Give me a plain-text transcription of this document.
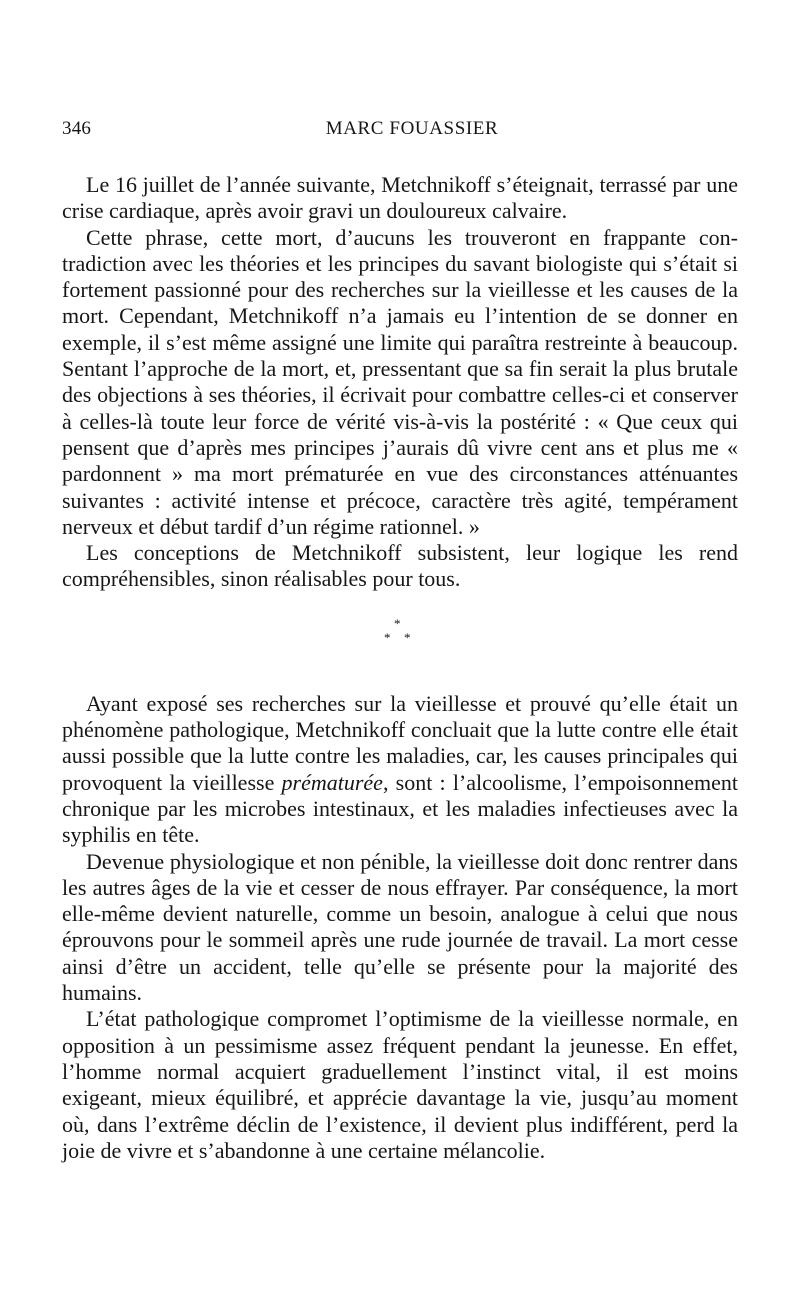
346	MARC FOUASSIER

Le 16 juillet de l’année suivante, Metchnikoff s’éteignait, terrassé par une crise cardiaque, après avoir gravi un douloureux calvaire.

Cette phrase, cette mort, d’aucuns les trouveront en frappante contradiction avec les théories et les principes du savant biologiste qui s’était si fortement passionné pour des recherches sur la vieillesse et les causes de la mort. Cependant, Metchnikoff n’a jamais eu l’intention de se donner en exemple, il s’est même assigné une limite qui paraîtra restreinte à beaucoup. Sentant l’approche de la mort, et, pressentant que sa fin serait la plus brutale des objections à ses théories, il écrivait pour combattre celles-ci et conserver à celles-là toute leur force de vérité vis-à-vis la postérité : « Que ceux qui pensent que d’après mes principes j’aurais dû vivre cent ans et plus me « pardonnent » ma mort prématurée en vue des circonstances atténuantes suivantes : activité intense et précoce, caractère très agité, tempérament nerveux et début tardif d’un régime rationnel. »

Les conceptions de Metchnikoff subsistent, leur logique les rend compréhensibles, sinon réalisables pour tous.

*
* *

Ayant exposé ses recherches sur la vieillesse et prouvé qu’elle était un phénomène pathologique, Metchnikoff concluait que la lutte contre elle était aussi possible que la lutte contre les maladies, car, les causes principales qui provoquent la vieillesse prématurée, sont : l’alcoolisme, l’empoisonnement chronique par les microbes intestinaux, et les maladies infectieuses avec la syphilis en tête.

Devenue physiologique et non pénible, la vieillesse doit donc rentrer dans les autres âges de la vie et cesser de nous effrayer. Par conséquence, la mort elle-même devient naturelle, comme un besoin, analogue à celui que nous éprouvons pour le sommeil après une rude journée de travail. La mort cesse ainsi d’être un accident, telle qu’elle se présente pour la majorité des humains.

L’état pathologique compromet l’optimisme de la vieillesse normale, en opposition à un pessimisme assez fréquent pendant la jeunesse. En effet, l’homme normal acquiert graduellement l’instinct vital, il est moins exigeant, mieux équilibré, et apprécie davantage la vie, jusqu’au moment où, dans l’extrême déclin de l’existence, il devient plus indifférent, perd la joie de vivre et s’abandonne à une certaine mélancolie.
